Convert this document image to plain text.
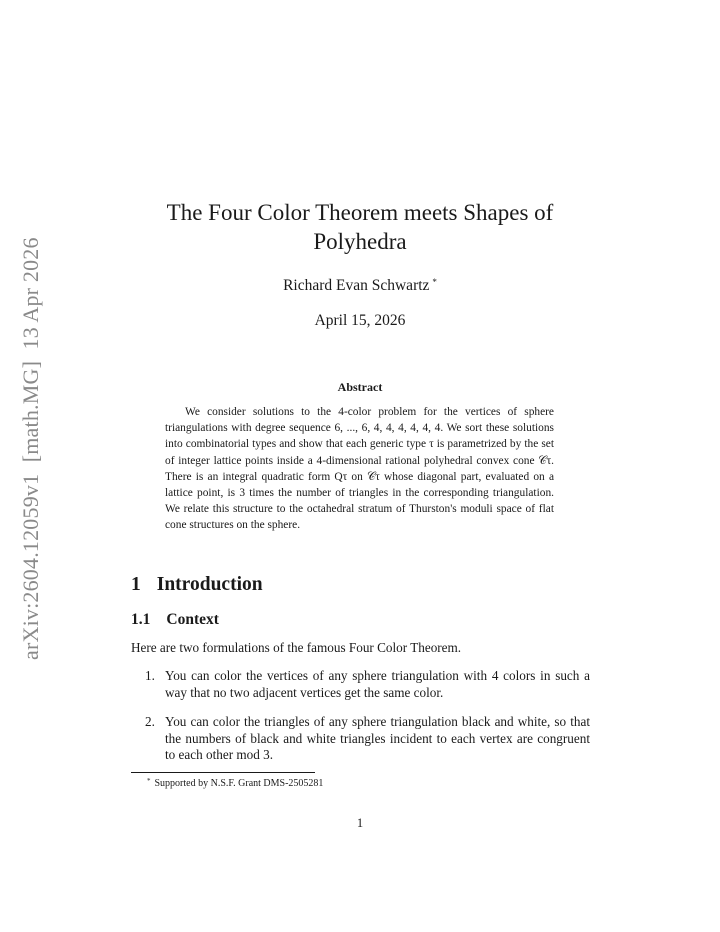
arXiv:2604.12059v1  [math.MG]  13 Apr 2026
The Four Color Theorem meets Shapes of Polyhedra
Richard Evan Schwartz *
April 15, 2026
Abstract
We consider solutions to the 4-color problem for the vertices of sphere triangulations with degree sequence 6, ..., 6, 4, 4, 4, 4, 4, 4. We sort these solutions into combinatorial types and show that each generic type τ is parametrized by the set of integer lattice points inside a 4-dimensional rational polyhedral convex cone 𝒞τ. There is an integral quadratic form Qτ on 𝒞τ whose diagonal part, evaluated on a lattice point, is 3 times the number of triangles in the corresponding triangulation. We relate this structure to the octahedral stratum of Thurston's moduli space of flat cone structures on the sphere.
1 Introduction
1.1 Context
Here are two formulations of the famous Four Color Theorem.
1. You can color the vertices of any sphere triangulation with 4 colors in such a way that no two adjacent vertices get the same color.
2. You can color the triangles of any sphere triangulation black and white, so that the numbers of black and white triangles incident to each vertex are congruent to each other mod 3.
* Supported by N.S.F. Grant DMS-2505281
1
